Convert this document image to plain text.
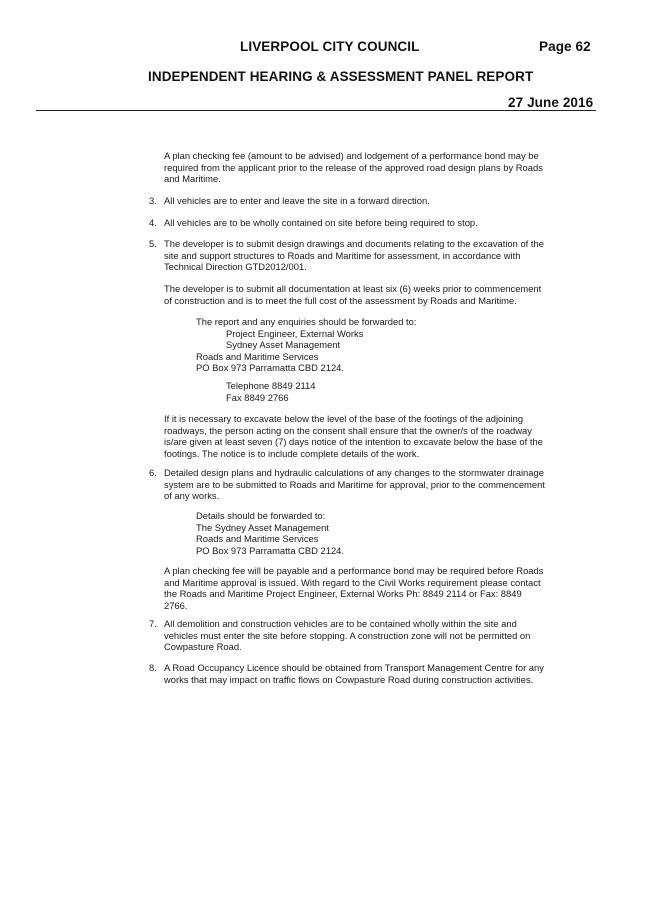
LIVERPOOL CITY COUNCIL	Page 62
INDEPENDENT HEARING & ASSESSMENT PANEL REPORT
27 June 2016
A plan checking fee (amount to be advised) and lodgement of a performance bond may be
required from the applicant prior to the release of the approved road design plans by Roads
and Maritime.
3. All vehicles are to enter and leave the site in a forward direction.
4. All vehicles are to be wholly contained on site before being required to stop.
5. The developer is to submit design drawings and documents relating to the excavation of the
site and support structures to Roads and Maritime for assessment, in accordance with
Technical Direction GTD2012/001.
The developer is to submit all documentation at least six (6) weeks prior to commencement
of construction and is to meet the full cost of the assessment by Roads and Maritime.
The report and any enquiries should be forwarded to:
Project Engineer, External Works
Sydney Asset Management
Roads and Maritime Services
PO Box 973 Parramatta CBD 2124.
Telephone 8849 2114
Fax 8849 2766
If it is necessary to excavate below the level of the base of the footings of the adjoining
roadways, the person acting on the consent shall ensure that the owner/s of the roadway
is/are given at least seven (7) days notice of the intention to excavate below the base of the
footings. The notice is to include complete details of the work.
6. Detailed design plans and hydraulic calculations of any changes to the stormwater drainage
system are to be submitted to Roads and Maritime for approval, prior to the commencement
of any works.
Details should be forwarded to:
The Sydney Asset Management
Roads and Maritime Services
PO Box 973 Parramatta CBD 2124.
A plan checking fee will be payable and a performance bond may be required before Roads
and Maritime approval is issued. With regard to the Civil Works requirement please contact
the Roads and Maritime Project Engineer, External Works Ph: 8849 2114 or Fax: 8849
2766.
7. All demolition and construction vehicles are to be contained wholly within the site and
vehicles must enter the site before stopping. A construction zone will not be permitted on
Cowpasture Road.
8. A Road Occupancy Licence should be obtained from Transport Management Centre for any
works that may impact on traffic flows on Cowpasture Road during construction activities.
